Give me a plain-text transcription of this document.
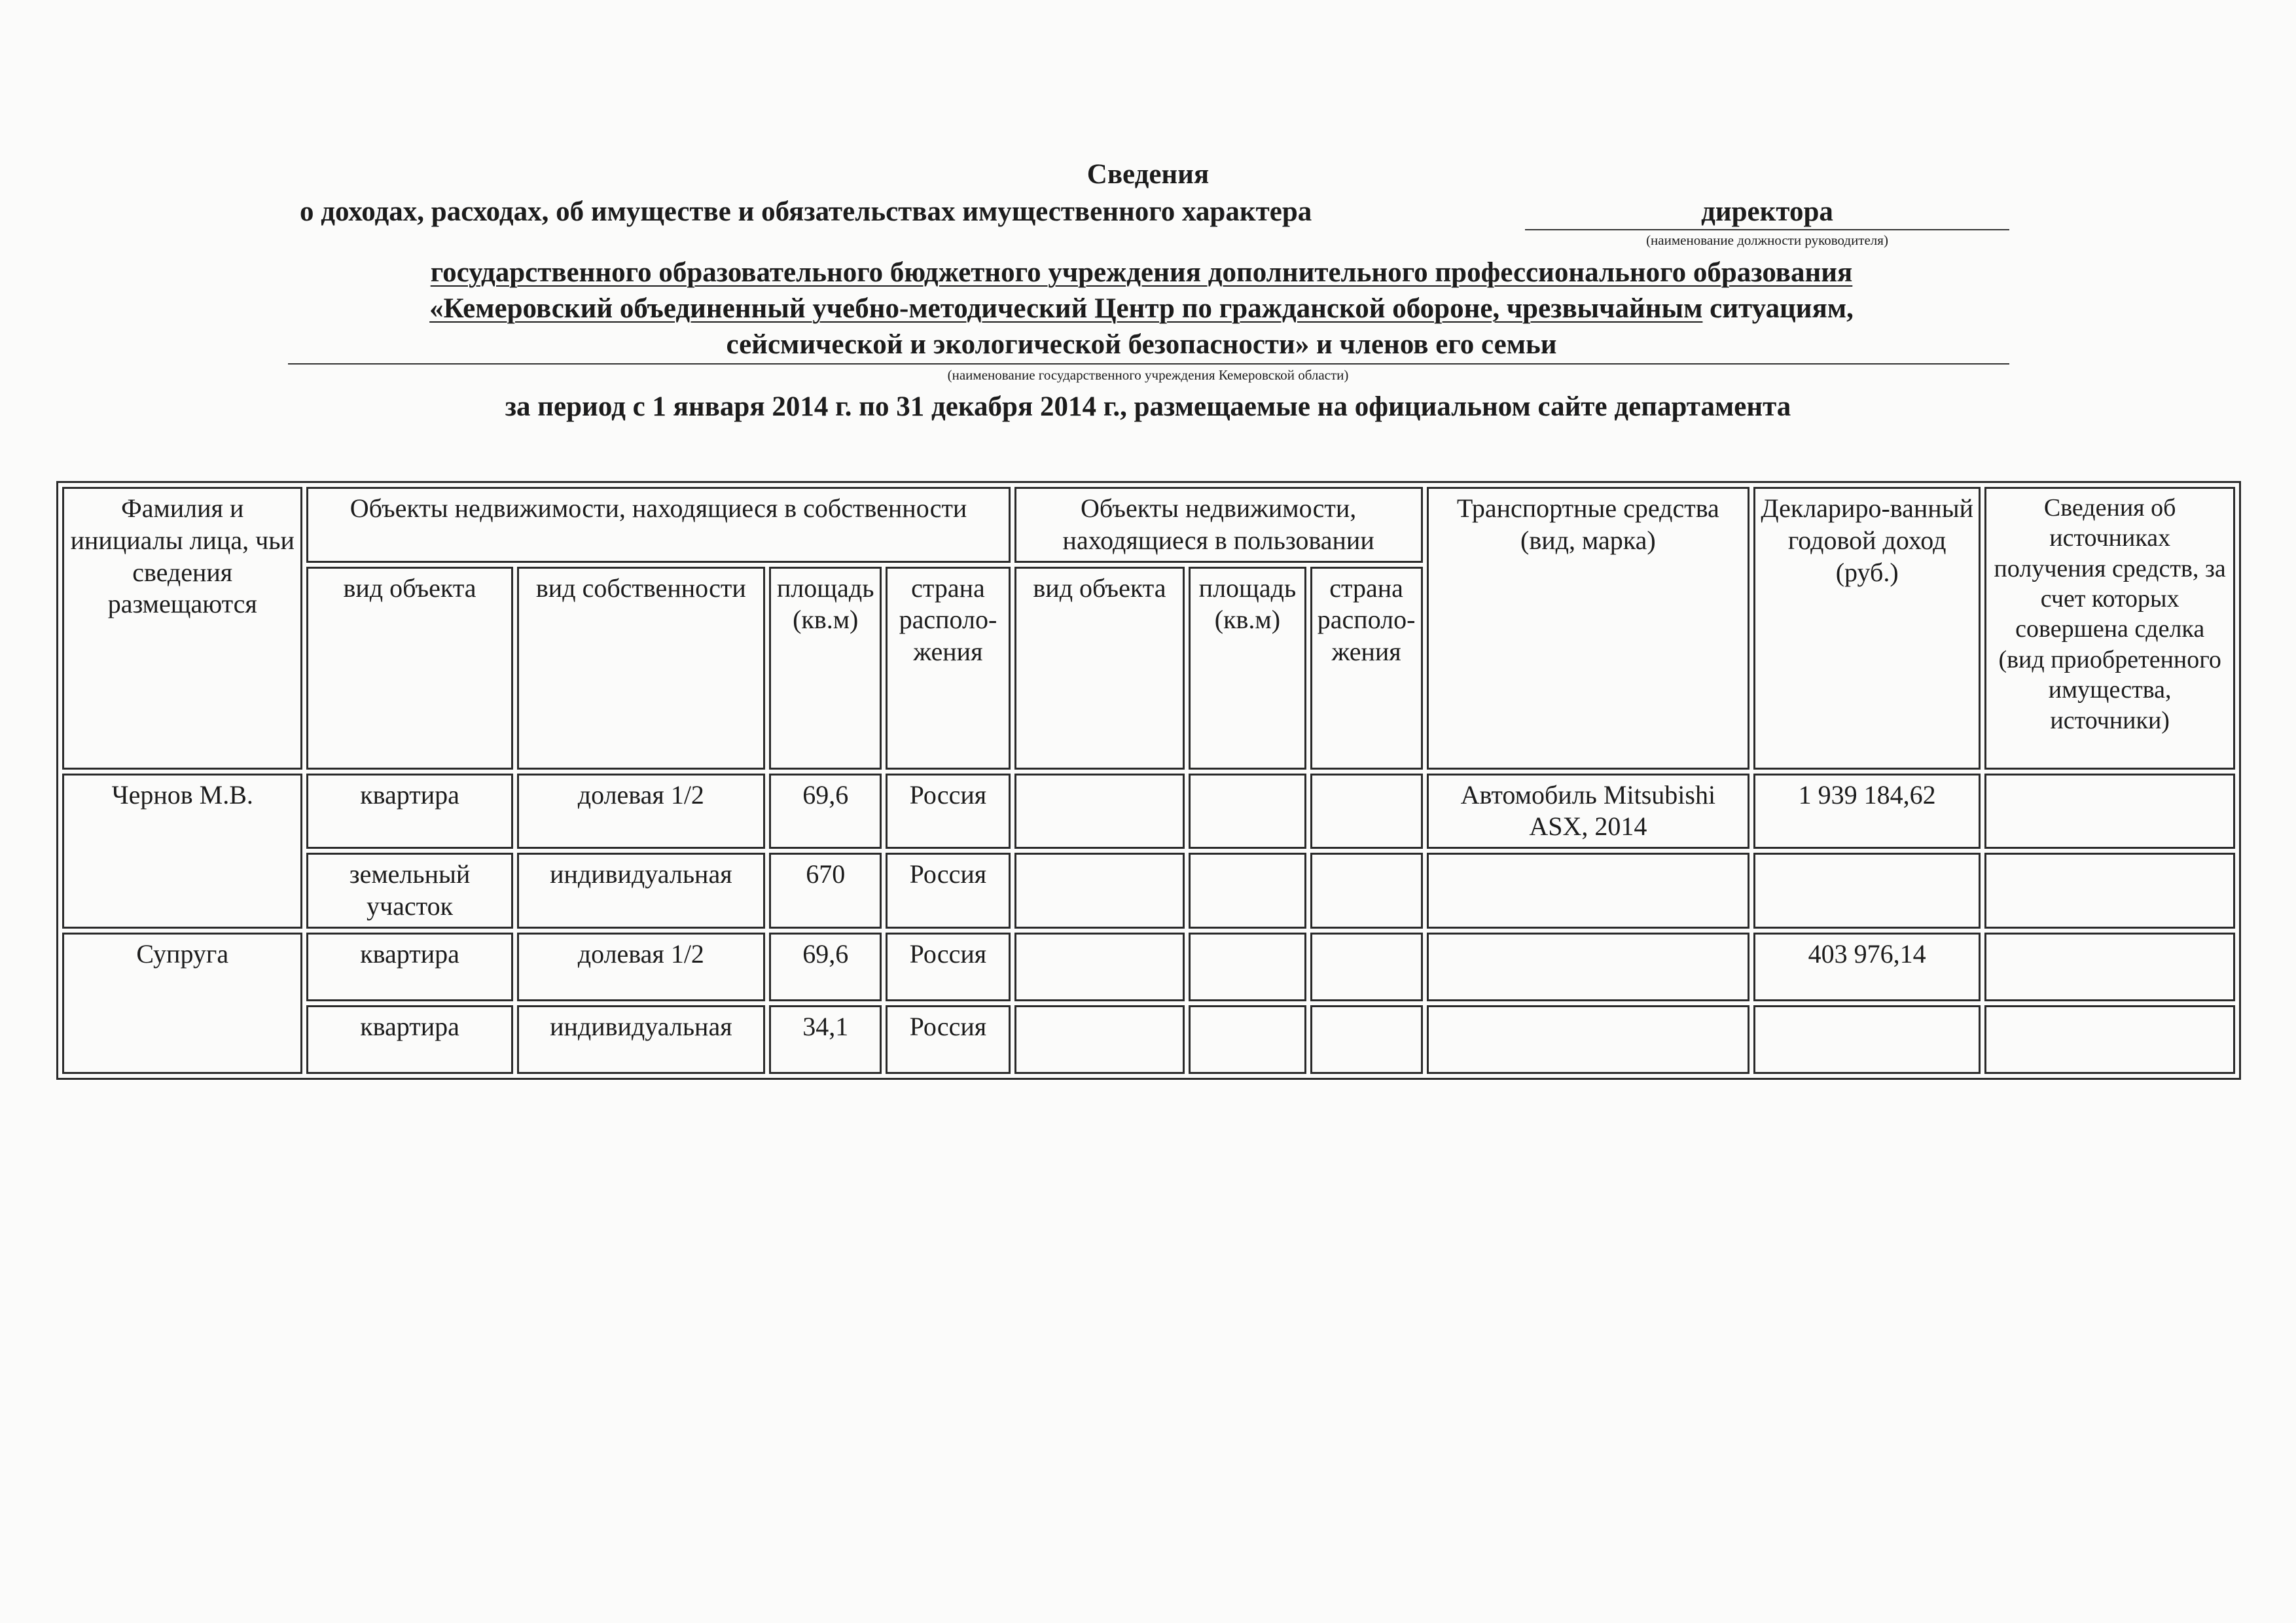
Сведения
о доходах, расходах, об имуществе и обязательствах имущественного характера	директора
(наименование должности руководителя)
государственного образовательного бюджетного учреждения дополнительного профессионального образования
«Кемеровский объединенный учебно-методический Центр по гражданской обороне, чрезвычайным ситуациям,
сейсмической и экологической безопасности» и членов его семьи
(наименование государственного учреждения Кемеровской области)
за период с 1 января 2014 г. по 31 декабря 2014 г., размещаемые на официальном сайте департамента
Фамилия и инициалы лица, чьи сведения размещаются	Объекты недвижимости, находящиеся в собственности				Объекты недвижимости, находящиеся в пользовании			Транспортные средства (вид, марка)	Деклариро-ванный годовой доход (руб.)	Сведения об источниках получения средств, за счет которых совершена сделка (вид приобретенного имущества, источники)
	вид объекта	вид собственности	площадь (кв.м)	страна располо-жения	вид объекта	площадь (кв.м)	страна располо-жения			
Чернов М.В.	квартира	долевая 1/2	69,6	Россия				Автомобиль Mitsubishi ASX, 2014	1 939 184,62	
	земельный участок	индивидуальная	670	Россия						
Супруга	квартира	долевая 1/2	69,6	Россия					403 976,14	
	квартира	индивидуальная	34,1	Россия						
